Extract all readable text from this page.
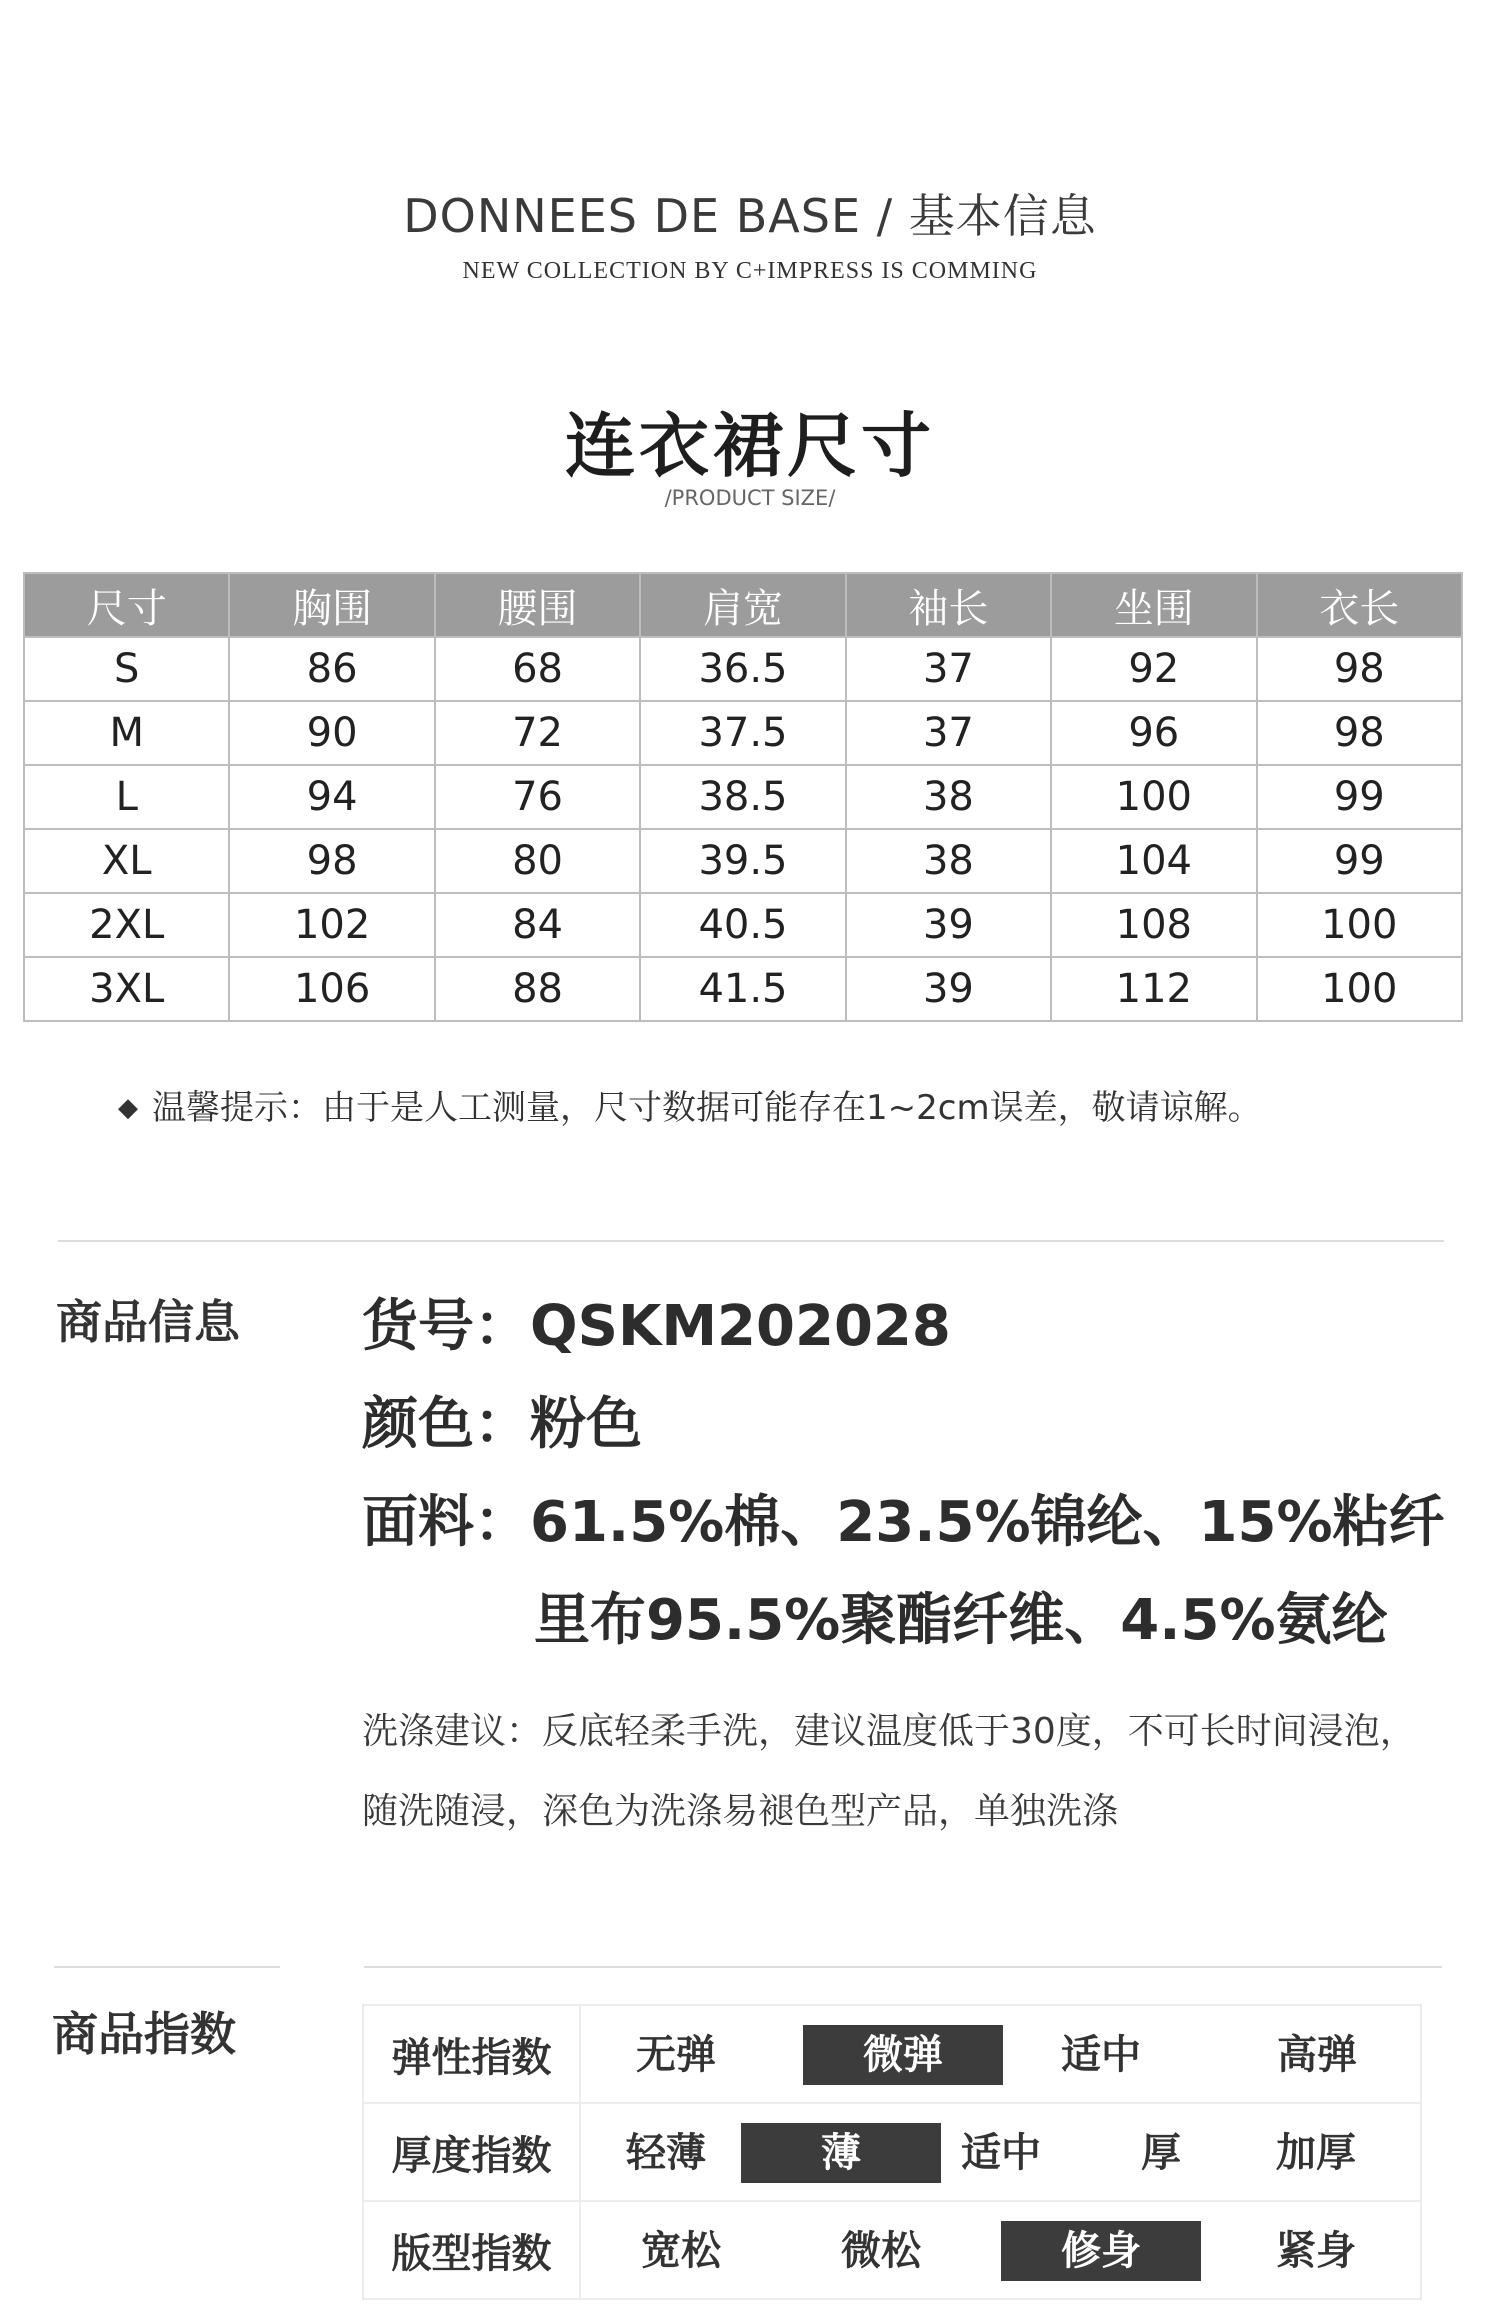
DONNEES DE BASE / 基本信息
NEW COLLECTION BY C+IMPRESS IS COMMING
连衣裙尺寸
/PRODUCT SIZE/
尺寸	胸围	腰围	肩宽	袖长	坐围	衣长
S	86	68	36.5	37	92	98
M	90	72	37.5	37	96	98
L	94	76	38.5	38	100	99
XL	98	80	39.5	38	104	99
2XL	102	84	40.5	39	108	100
3XL	106	88	41.5	39	112	100
◆ 温馨提示：由于是人工测量，尺寸数据可能存在1~2cm误差，敬请谅解。
商品信息 货号：QSKM202028
颜色：粉色
面料：61.5%棉、23.5%锦纶、15%粘纤
里布95.5%聚酯纤维、4.5%氨纶
洗涤建议：反底轻柔手洗，建议温度低于30度，不可长时间浸泡，随洗随浸，深色为洗涤易褪色型产品，单独洗涤
商品指数	弹性指数	无弹 微弹 适中 高弹

厚度指数	轻薄 薄 适中 厚 加厚

版型指数	宽松 微松 修身 紧身
